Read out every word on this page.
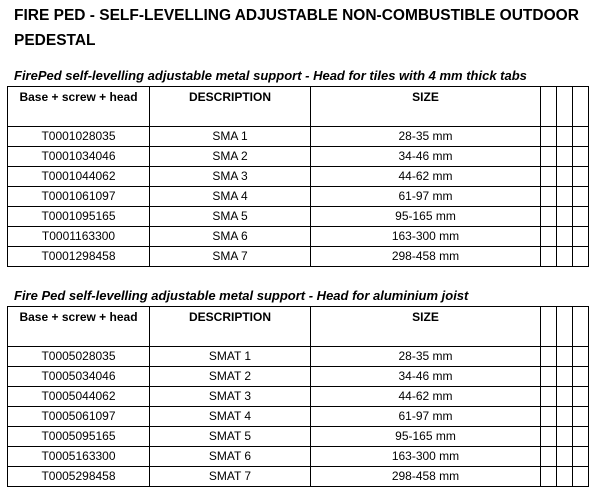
FIRE PED - SELF-LEVELLING ADJUSTABLE NON-COMBUSTIBLE OUTDOOR PEDESTAL
FirePed self-levelling adjustable metal support - Head for tiles with 4 mm thick tabs
Base + screw + head	DESCRIPTION	SIZE			
T0001028035	SMA 1	28-35 mm			
T0001034046	SMA 2	34-46 mm			
T0001044062	SMA 3	44-62 mm			
T0001061097	SMA 4	61-97 mm			
T0001095165	SMA 5	95-165 mm			
T0001163300	SMA 6	163-300 mm			
T0001298458	SMA 7	298-458 mm			
Fire Ped self-levelling adjustable metal support - Head for aluminium joist
Base + screw + head	DESCRIPTION	SIZE			
T0005028035	SMAT 1	28-35 mm			
T0005034046	SMAT 2	34-46 mm			
T0005044062	SMAT 3	44-62 mm			
T0005061097	SMAT 4	61-97 mm			
T0005095165	SMAT 5	95-165 mm			
T0005163300	SMAT 6	163-300 mm			
T0005298458	SMAT 7	298-458 mm			
